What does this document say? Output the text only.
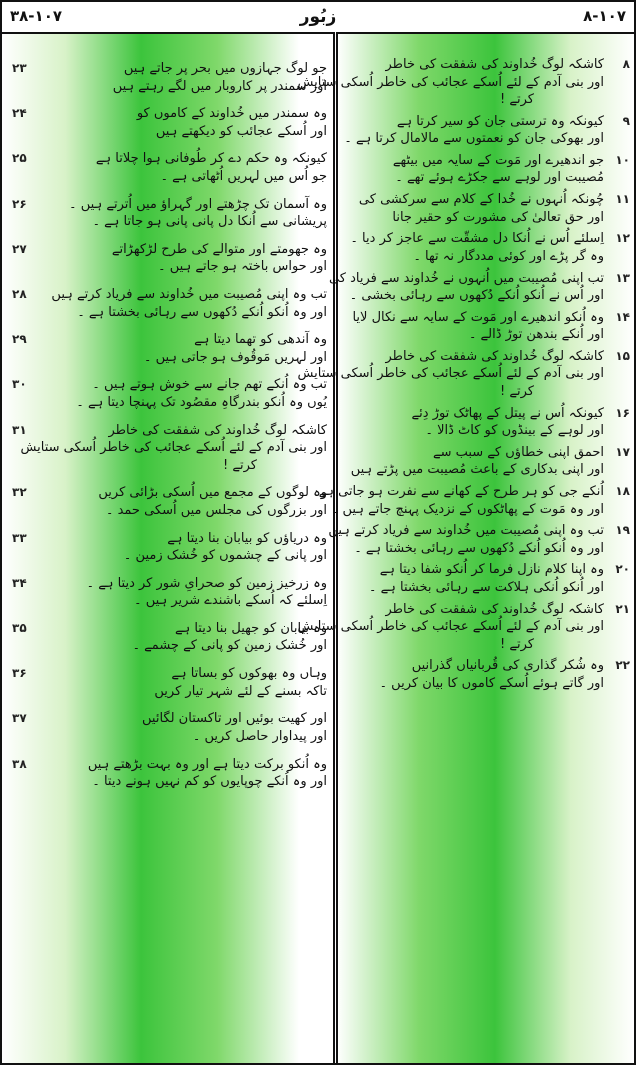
۳۸-۱۰۷	زبُور	۸-۱۰۷
۲۳	جو لوگ جہازوں میں بحر پر جاتے ہیں
اور سمندر پر کاروبار میں لگے رہتے ہیں
۲۴	وہ سمندر میں خُداوند کے کاموں کو
اور اُسکے عجائب کو دیکھتے ہیں
۲۵	کیونکہ وہ حکم دے کر طُوفانی ہوا چلاتا ہے
جو اُس میں لہریں اُٹھاتی ہے ۔
۲۶	وہ آسمان تک چڑھتے اور گہراؤ میں اُترتے ہیں ۔
پریشانی سے اُنکا دل پانی پانی ہو جاتا ہے ۔
۲۷	وہ جھومتے اور متوالے کی طرح لڑکھڑاتے
اور حواس باختہ ہو جاتے ہیں ۔
۲۸	تب وہ اپنی مُصیبت میں خُداوند سے فریاد کرتے ہیں
اور وہ اُنکو اُنکے دُکھوں سے رہائی بخشتا ہے ۔
۲۹	وہ آندھی کو تھما دیتا ہے
اور لہریں مَوقُوف ہو جاتی ہیں ۔
۳۰	تب وہ اُنکے تھم جانے سے خوش ہوتے ہیں ۔
یُوں وہ اُنکو بندرگاہِ مقصُود تک پہنچا دیتا ہے ۔
۳۱	کاشکہ لوگ خُداوند کی شفقت کی خاطر
اور بنی آدم کے لئے اُسکے عجائب کی خاطر اُسکی ستایش
کرتے !
۳۲	وہ لوگوں کے مجمع میں اُسکی بڑائی کریں
اور بزرگوں کی مجلس میں اُسکی حمد ۔
۳۳	وہ دریاؤں کو بیابان بنا دیتا ہے
اور پانی کے چشموں کو خُشک زمین ۔
۳۴	وہ زرخیز زمین کو صحرایِ شور کر دیتا ہے ۔
اِسلئے کہ اُسکے باشندے شریر ہیں ۔
۳۵	وہ بیابان کو جھیل بنا دیتا ہے
اور خُشک زمین کو پانی کے چشمے ۔
۳۶	وہاں وہ بھوکوں کو بساتا ہے
تاکہ بسنے کے لئے شہر تیار کریں
۳۷	اور کھیت بوئیں اور تاکستان لگائیں
اور پیداوار حاصل کریں ۔
۳۸	وہ اُنکو برکت دیتا ہے اور وہ بہت بڑھتے ہیں
اور وہ اُنکے چوپایوں کو کم نہیں ہونے دیتا ۔
۸
کاشکہ لوگ خُداوند کی شفقت کی خاطر
اور بنی آدم کے لئے اُسکے عجائب کی خاطر اُسکی ستایش
کرتے !
۹
کیونکہ وہ ترستی جان کو سیر کرتا ہے
اور بھوکی جان کو نعمتوں سے مالامال کرتا ہے ۔
۱۰
جو اندھیرے اور مَوت کے سایہ میں بیٹھے
مُصیبت اور لوہے سے جکڑے ہوئے تھے ۔
۱۱
چُونکہ اُنہوں نے خُدا کے کلام سے سرکشی کی
اور حق تعالیٰ کی مشورت کو حقیر جانا
۱۲
اِسلئے اُس نے اُنکا دل مشقّت سے عاجز کر دیا ۔
وہ گر پڑے اور کوئی مددگار نہ تھا ۔
۱۳
تب اپنی مُصیبت میں اُنہوں نے خُداوند سے فریاد کی
اور اُس نے اُنکو اُنکے دُکھوں سے رہائی بخشی ۔
۱۴
وہ اُنکو اندھیرے اور مَوت کے سایہ سے نکال لایا
اور اُنکے بندھن توڑ ڈالے ۔
۱۵
کاشکہ لوگ خُداوند کی شفقت کی خاطر
اور بنی آدم کے لئے اُسکے عجائب کی خاطر اُسکی ستایش
کرتے !
۱۶
کیونکہ اُس نے پیتل کے پھاٹک توڑ دِئے
اور لوہے کے بینڈوں کو کاٹ ڈالا ۔
۱۷
احمق اپنی خطاؤں کے سبب سے
اور اپنی بدکاری کے باعث مُصیبت میں پڑتے ہیں
۱۸
اُنکے جی کو ہر طرح کے کھانے سے نفرت ہو جاتی ہے
اور وہ مَوت کے پھاٹکوں کے نزدیک پہنچ جاتے ہیں ۔
۱۹
تب وہ اپنی مُصیبت میں خُداوند سے فریاد کرتے ہیں
اور وہ اُنکو اُنکے دُکھوں سے رہائی بخشتا ہے ۔
۲۰
وہ اپنا کلام نازل فرما کر اُنکو شفا دیتا ہے
اور اُنکو اُنکی ہلاکت سے رہائی بخشتا ہے ۔
۲۱
کاشکہ لوگ خُداوند کی شفقت کی خاطر
اور بنی آدم کے لئے اُسکے عجائب کی خاطر اُسکی ستایش
کرتے !
۲۲
وہ شُکر گذاری کی قُربانیاں گذرانیں
اور گاتے ہوئے اُسکے کاموں کا بیان کریں ۔
